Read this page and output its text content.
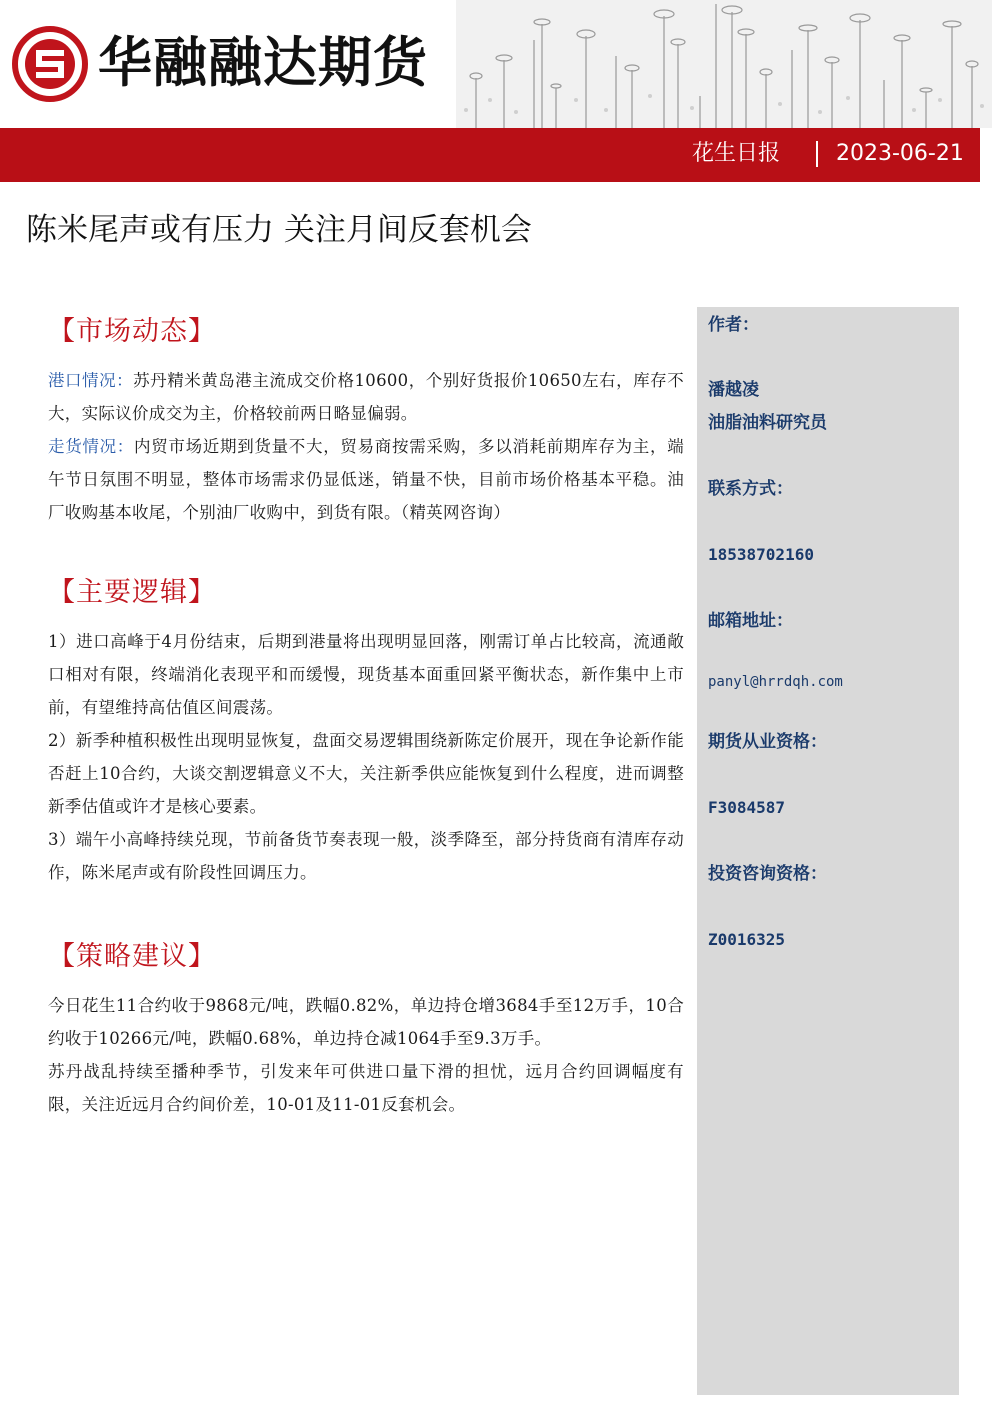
华融融达期货
花生日报	2023-06-21
陈米尾声或有压力 关注月间反套机会
【市场动态】

港口情况：苏丹精米黄岛港主流成交价格10600，个别好货报价10650左右，库存不大，实际议价成交为主，价格较前两日略显偏弱。

走货情况：内贸市场近期到货量不大，贸易商按需采购，多以消耗前期库存为主，端午节日氛围不明显，整体市场需求仍显低迷，销量不快，目前市场价格基本平稳。油厂收购基本收尾，个别油厂收购中，到货有限。（精英网咨询）

【主要逻辑】

1）进口高峰于4月份结束，后期到港量将出现明显回落，刚需订单占比较高，流通敞口相对有限，终端消化表现平和而缓慢，现货基本面重回紧平衡状态，新作集中上市前，有望维持高估值区间震荡。

2）新季种植积极性出现明显恢复，盘面交易逻辑围绕新陈定价展开，现在争论新作能否赶上10合约，大谈交割逻辑意义不大，关注新季供应能恢复到什么程度，进而调整新季估值或许才是核心要素。

3）端午小高峰持续兑现，节前备货节奏表现一般，淡季降至，部分持货商有清库存动作，陈米尾声或有阶段性回调压力。

【策略建议】

今日花生11合约收于9868元/吨，跌幅0.82%，单边持仓增3684手至12万手，10合约收于10266元/吨，跌幅0.68%，单边持仓减1064手至9.3万手。

苏丹战乱持续至播种季节，引发来年可供进口量下滑的担忧，远月合约回调幅度有限，关注近远月合约间价差，10-01及11-01反套机会。

作者：
潘越凌
油脂油料研究员
联系方式：
18538702160
邮箱地址：
panyl@hrrdqh.com
期货从业资格：
F3084587
投资咨询资格：
Z0016325
